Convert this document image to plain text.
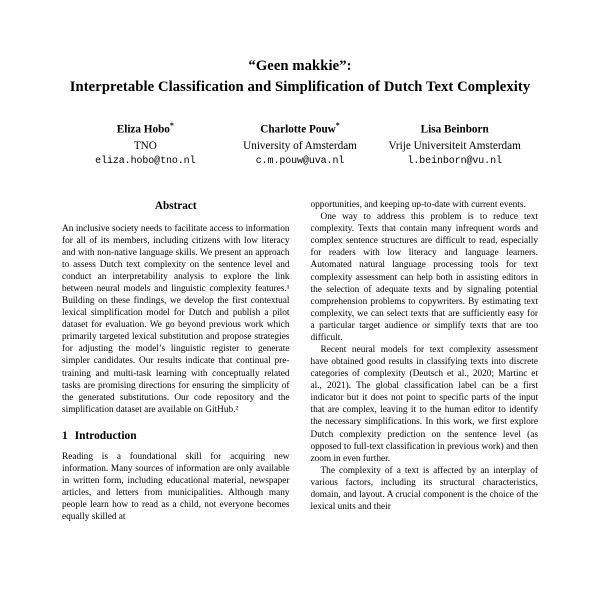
“Geen makkie”:
Interpretable Classification and Simplification of Dutch Text Complexity
Eliza Hobo*
TNO
eliza.hobo@tno.nl
Charlotte Pouw*
University of Amsterdam
c.m.pouw@uva.nl
Lisa Beinborn
Vrije Universiteit Amsterdam
l.beinborn@vu.nl
Abstract

An inclusive society needs to facilitate access to information for all of its members, including citizens with low literacy and with non-native language skills. We present an approach to assess Dutch text complexity on the sentence level and conduct an interpretability analysis to explore the link between neural models and linguistic complexity features.¹ Building on these findings, we develop the first contextual lexical simplification model for Dutch and publish a pilot dataset for evaluation. We go beyond previous work which primarily targeted lexical substitution and propose strategies for adjusting the model’s linguistic register to generate simpler candidates. Our results indicate that continual pre-training and multi-task learning with conceptually related tasks are promising directions for ensuring the simplicity of the generated substitutions. Our code repository and the simplification dataset are available on GitHub.²

1 Introduction

Reading is a foundational skill for acquiring new information. Many sources of information are only available in written form, including educational material, newspaper articles, and letters from municipalities. Although many people learn how to read as a child, not everyone becomes equally skilled at

opportunities, and keeping up-to-date with current events.

One way to address this problem is to reduce text complexity. Texts that contain many infrequent words and complex sentence structures are difficult to read, especially for readers with low literacy and language learners. Automated natural language processing tools for text complexity assessment can help both in assisting editors in the selection of adequate texts and by signaling potential comprehension problems to copywriters. By estimating text complexity, we can select texts that are sufficiently easy for a particular target audience or simplify texts that are too difficult.

Recent neural models for text complexity assessment have obtained good results in classifying texts into discrete categories of complexity (Deutsch et al., 2020; Martinc et al., 2021). The global classification label can be a first indicator but it does not point to specific parts of the input that are complex, leaving it to the human editor to identify the necessary simplifications. In this work, we first explore Dutch complexity prediction on the sentence level (as opposed to full-text classification in previous work) and then zoom in even further.

The complexity of a text is affected by an interplay of various factors, including its structural characteristics, domain, and layout. A crucial component is the choice of the lexical units and their
